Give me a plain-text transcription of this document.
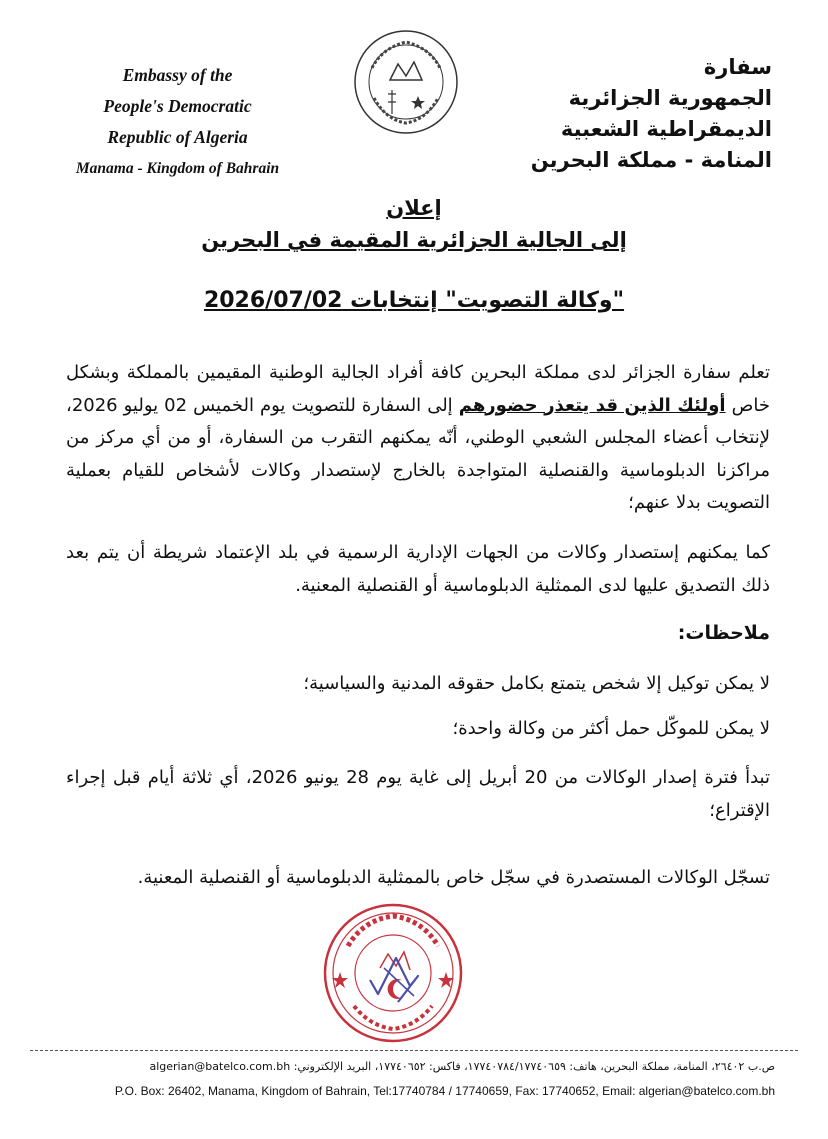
Embassy of the
People's Democratic
Republic of Algeria
Manama - Kingdom of Bahrain
سفارة
الجمهورية الجزائرية
الديمقراطية الشعبية
المنامة - مملكة البحرين
إعلان
إلى الجالية الجزائرية المقيمة في البحرين
"وكالة التصويت" إنتخابات 2026/07/02

تعلم سفارة الجزائر لدى مملكة البحرين كافة أفراد الجالية الوطنية المقيمين بالمملكة وبشكل خاص أولئك الذين قد يتعذر حضورهم إلى السفارة للتصويت يوم الخميس 02 يوليو 2026، لإنتخاب أعضاء المجلس الشعبي الوطني، أنّه يمكنهم التقرب من السفارة، أو من أي مركز من مراكزنا الدبلوماسية والقنصلية المتواجدة بالخارج لإستصدار وكالات لأشخاص للقيام بعملية التصويت بدلا عنهم؛

كما يمكنهم إستصدار وكالات من الجهات الإدارية الرسمية في بلد الإعتماد شريطة أن يتم بعد ذلك التصديق عليها لدى الممثلية الدبلوماسية أو القنصلية المعنية.

ملاحظات:

لا يمكن توكيل إلا شخص يتمتع بكامل حقوقه المدنية والسياسية؛

لا يمكن للموكّل حمل أكثر من وكالة واحدة؛

تبدأ فترة إصدار الوكالات من 20 أبريل إلى غاية يوم 28 يونيو 2026، أي ثلاثة أيام قبل إجراء الإقتراع؛

تسجّل الوكالات المستصدرة في سجّل خاص بالممثلية الدبلوماسية أو القنصلية المعنية.

ص.ب ٢٦٤٠٢، المنامة، مملكة البحرين، هاتف: ١٧٧٤٠٧٨٤/١٧٧٤٠٦٥٩، فاكس: ١٧٧٤٠٦٥٢، البريد الإلكتروني: algerian@batelco.com.bh
P.O. Box: 26402, Manama, Kingdom of Bahrain, Tel:17740784 / 17740659, Fax: 17740652, Email: algerian@batelco.com.bh
